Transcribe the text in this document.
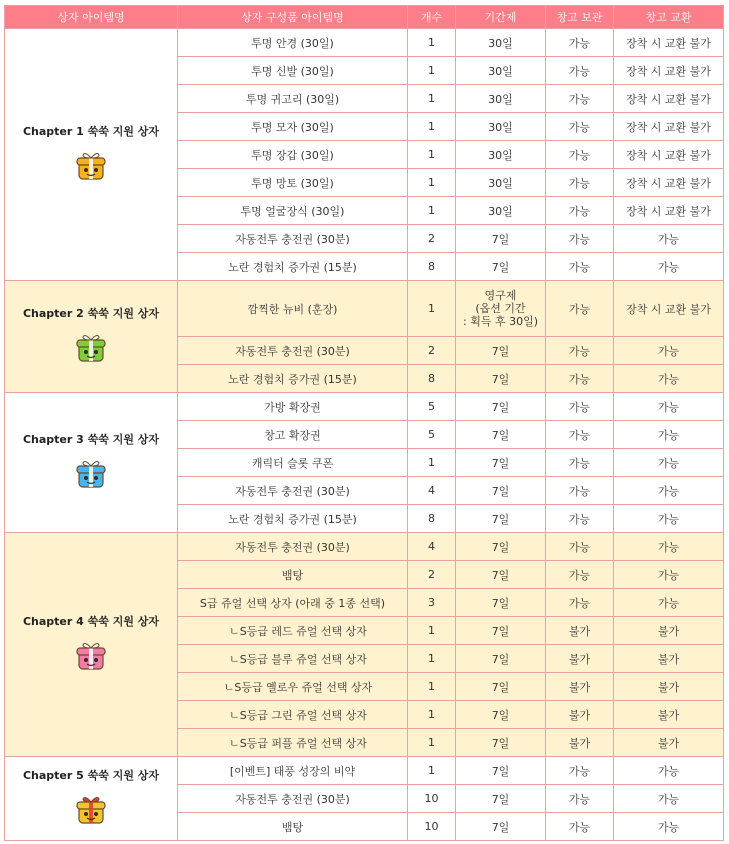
상자 아이템명	상자 구성품 아이템명	개수	기간제	창고 보관	창고 교환

Chapter 1 쑥쑥 지원 상자	투명 안경 (30일)	1	30일	가능	장착 시 교환 불가
	투명 신발 (30일)	1	30일	가능	장착 시 교환 불가
	투명 귀고리 (30일)	1	30일	가능	장착 시 교환 불가
	투명 모자 (30일)	1	30일	가능	장착 시 교환 불가
	투명 장갑 (30일)	1	30일	가능	장착 시 교환 불가
	투명 망토 (30일)	1	30일	가능	장착 시 교환 불가
	투명 얼굴장식 (30일)	1	30일	가능	장착 시 교환 불가
	자동전투 충전권 (30분)	2	7일	가능	가능
	노란 경험치 증가권 (15분)	8	7일	가능	가능

Chapter 2 쑥쑥 지원 상자	깜찍한 뉴비 (훈장)	1	영구제
(옵션 기간
: 획득 후 30일)	가능	장착 시 교환 불가
	자동전투 충전권 (30분)	2	7일	가능	가능
	노란 경험치 증가권 (15분)	8	7일	가능	가능

Chapter 3 쑥쑥 지원 상자	가방 확장권	5	7일	가능	가능
	창고 확장권	5	7일	가능	가능
	캐릭터 슬롯 쿠폰	1	7일	가능	가능
	자동전투 충전권 (30분)	4	7일	가능	가능
	노란 경험치 증가권 (15분)	8	7일	가능	가능

Chapter 4 쑥쑥 지원 상자	자동전투 충전권 (30분)	4	7일	가능	가능
	뱀탕	2	7일	가능	가능
	S급 쥬얼 선택 상자 (아래 중 1종 선택)	3	7일	가능	가능
	　ㄴS등급 레드 쥬얼 선택 상자	1	7일	불가	불가
	　ㄴS등급 블루 쥬얼 선택 상자	1	7일	불가	불가
	　ㄴS등급 옐로우 쥬얼 선택 상자	1	7일	불가	불가
	　ㄴS등급 그린 쥬얼 선택 상자	1	7일	불가	불가
	　ㄴS등급 퍼플 쥬얼 선택 상자	1	7일	불가	불가

Chapter 5 쑥쑥 지원 상자	[이벤트] 태풍 성장의 비약	1	7일	가능	가능
	자동전투 충전권 (30분)	10	7일	가능	가능
	뱀탕	10	7일	가능	가능
